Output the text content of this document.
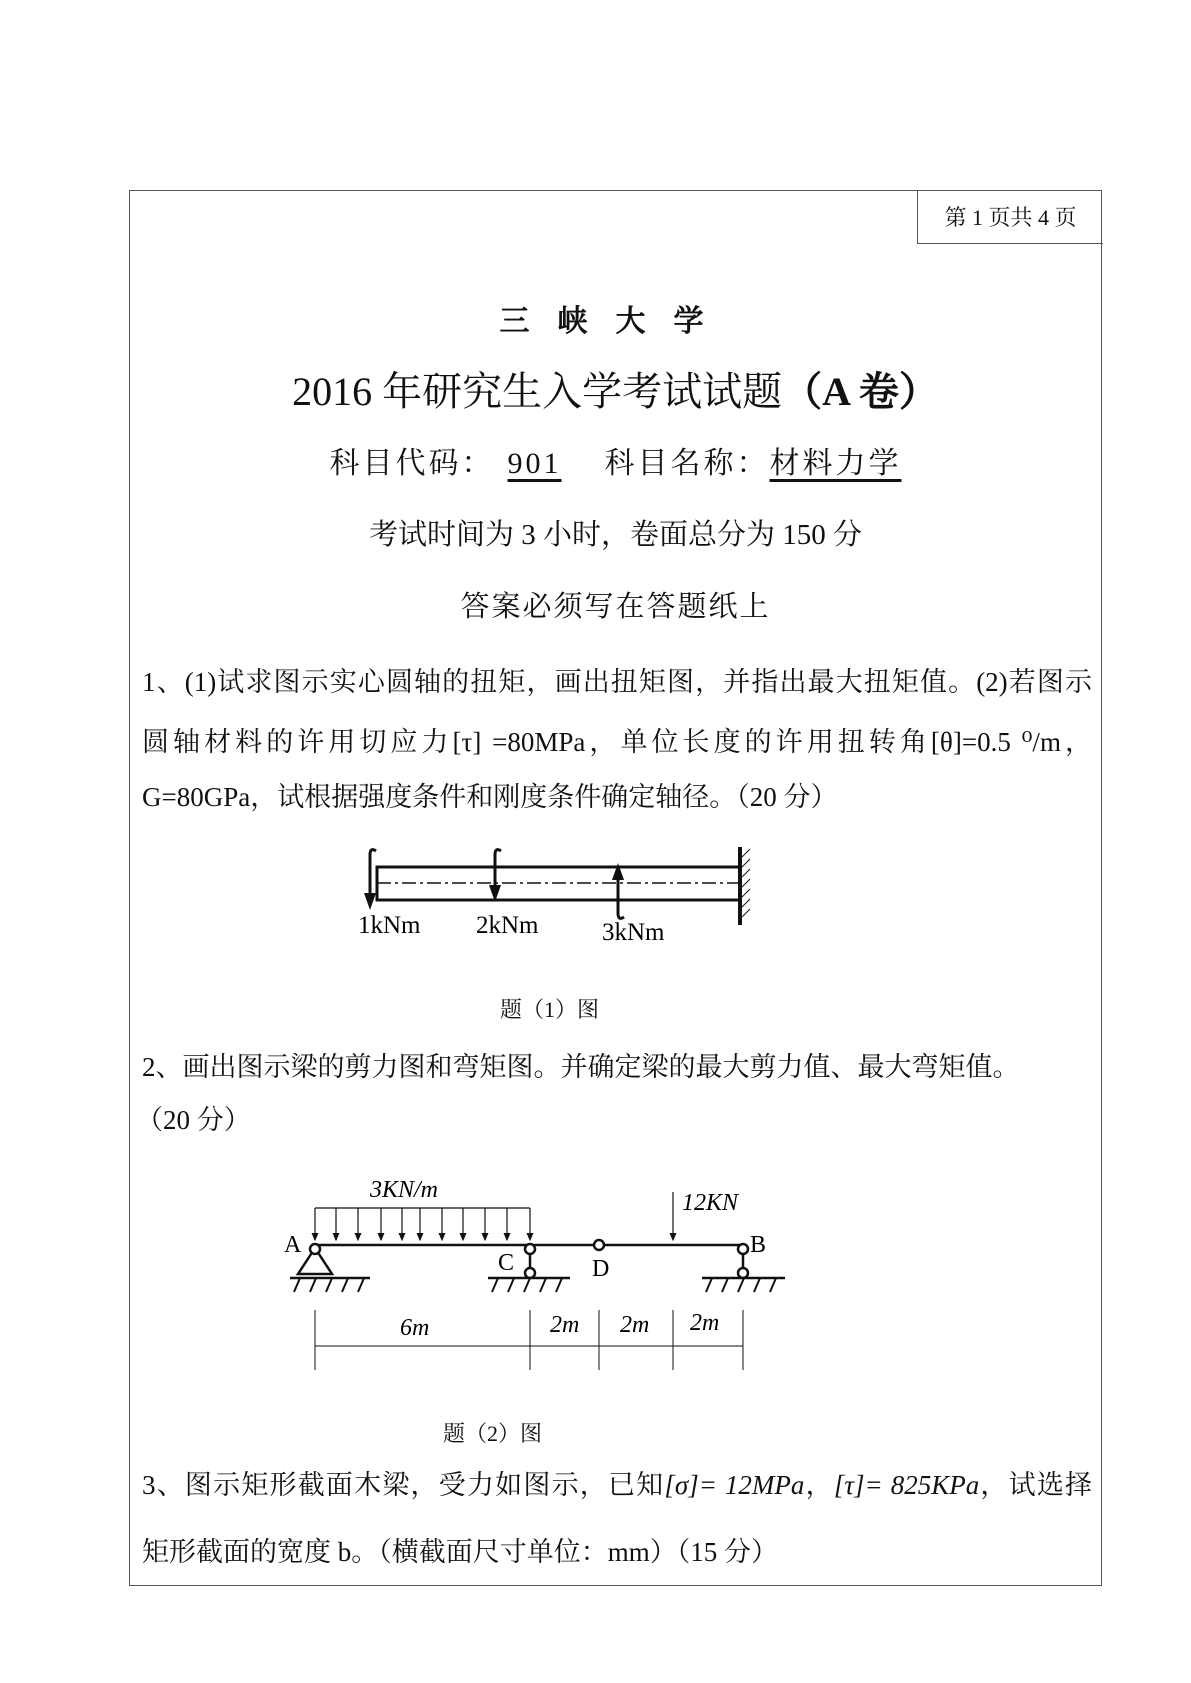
第 1 页共 4 页
三峡大学
2016 年研究生入学考试试题（A 卷）
科目代码： 901 科目名称：材料力学
考试时间为 3 小时，卷面总分为 150 分
答案必须写在答题纸上
1、(1)试求图示实心圆轴的扭矩，画出扭矩图，并指出最大扭矩值。(2)若图示
圆轴材料的许用切应力[τ] =80MPa，单位长度的许用扭转角[θ]=0.5 ⁰/m，
G=80GPa，试根据强度条件和刚度条件确定轴径。（20 分）
1kNm 2kNm	3kNm
题（1）图
2、画出图示梁的剪力图和弯矩图。并确定梁的最大剪力值、最大弯矩值。
（20 分）
3KN/m	12KN
A
C	D
B
6m	2m 2m 2m
题（2）图
3、图示矩形截面木梁，受力如图示，已知[σ]= 12MPa，[τ]= 825KPa，试选择
矩形截面的宽度 b。（横截面尺寸单位：mm）（15 分）
